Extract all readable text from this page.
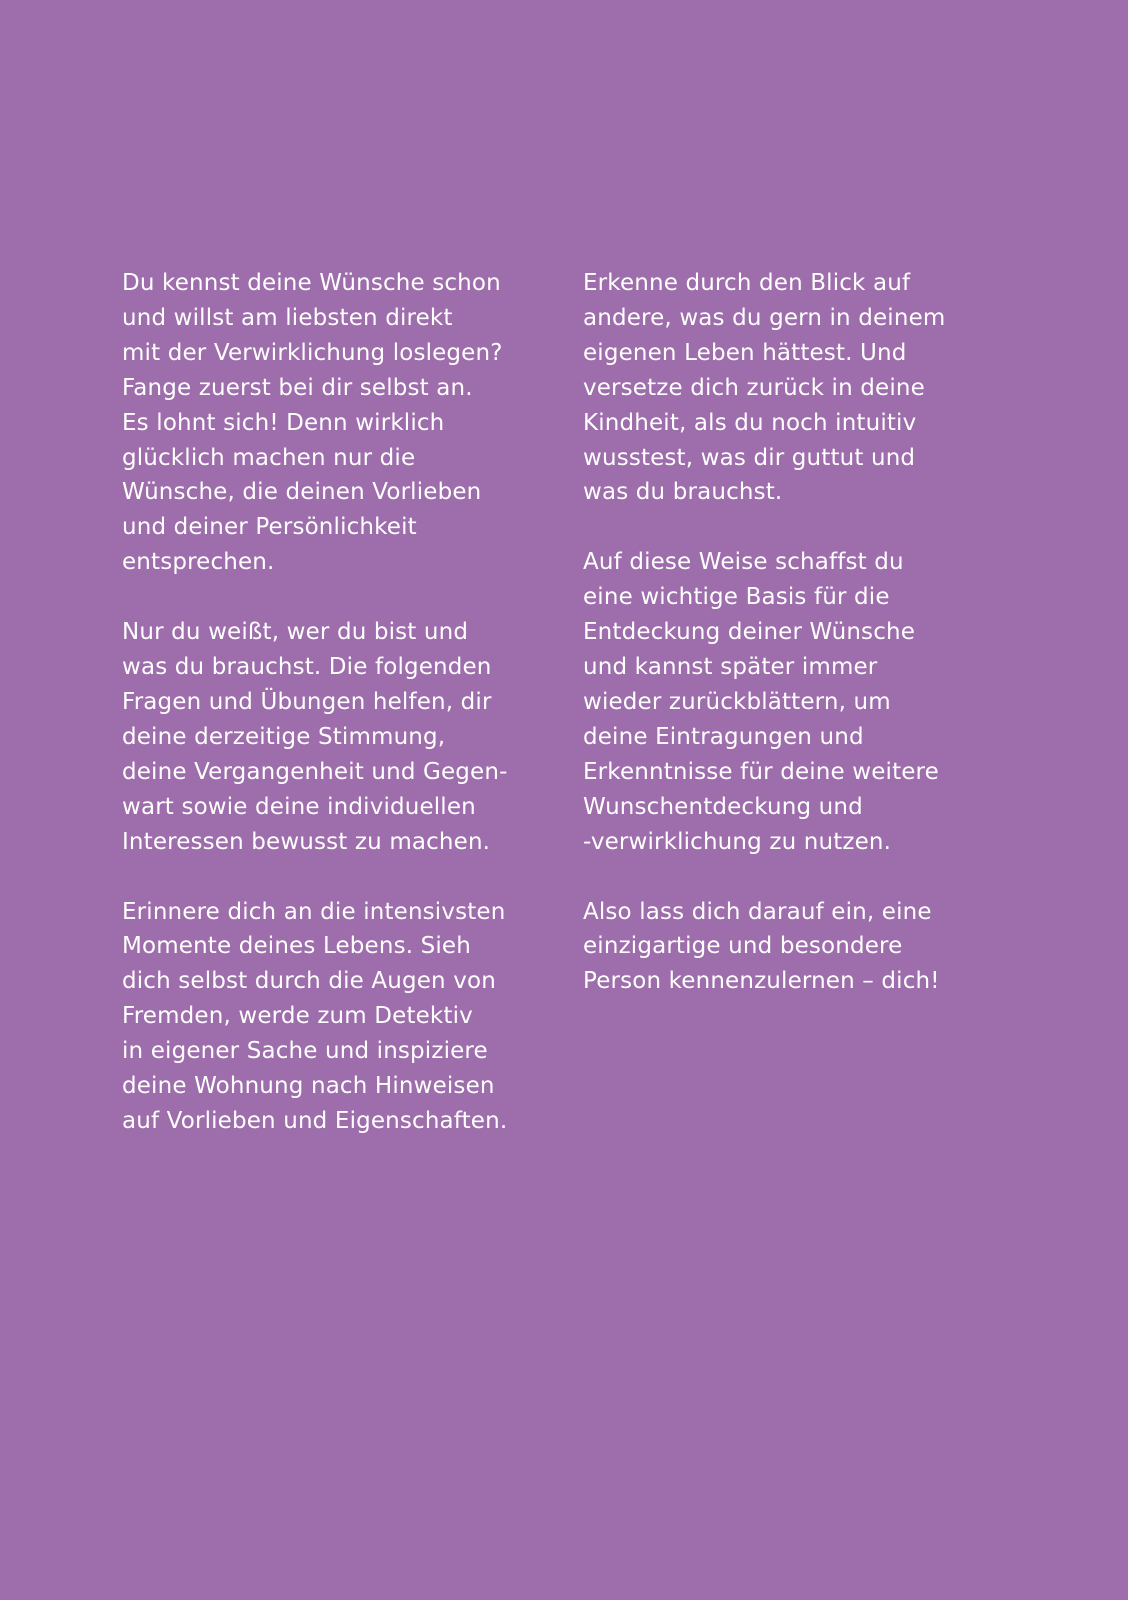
Du kennst deine Wünsche schon
und willst am liebsten direkt
mit der Verwirklichung loslegen?
Fange zuerst bei dir selbst an.
Es lohnt sich! Denn wirklich
glücklich machen nur die
Wünsche, die deinen Vorlieben
und deiner Persönlichkeit
entsprechen.

Nur du weißt, wer du bist und
was du brauchst. Die folgenden
Fragen und Übungen helfen, dir
deine derzeitige Stimmung,
deine Vergangenheit und Gegen-
wart sowie deine individuellen
Interessen bewusst zu machen.

Erinnere dich an die intensivsten
Momente deines Lebens. Sieh
dich selbst durch die Augen von
Fremden, werde zum Detektiv
in eigener Sache und inspiziere
deine Wohnung nach Hinweisen
auf Vorlieben und Eigenschaften.

Erkenne durch den Blick auf
andere, was du gern in deinem
eigenen Leben hättest. Und
versetze dich zurück in deine
Kindheit, als du noch intuitiv
wusstest, was dir guttut und
was du brauchst.

Auf diese Weise schaffst du
eine wichtige Basis für die
Entdeckung deiner Wünsche
und kannst später immer
wieder zurückblättern, um
deine Eintragungen und
Erkenntnisse für deine weitere
Wunschentdeckung und
-verwirklichung zu nutzen.

Also lass dich darauf ein, eine
einzigartige und besondere
Person kennenzulernen – dich!
